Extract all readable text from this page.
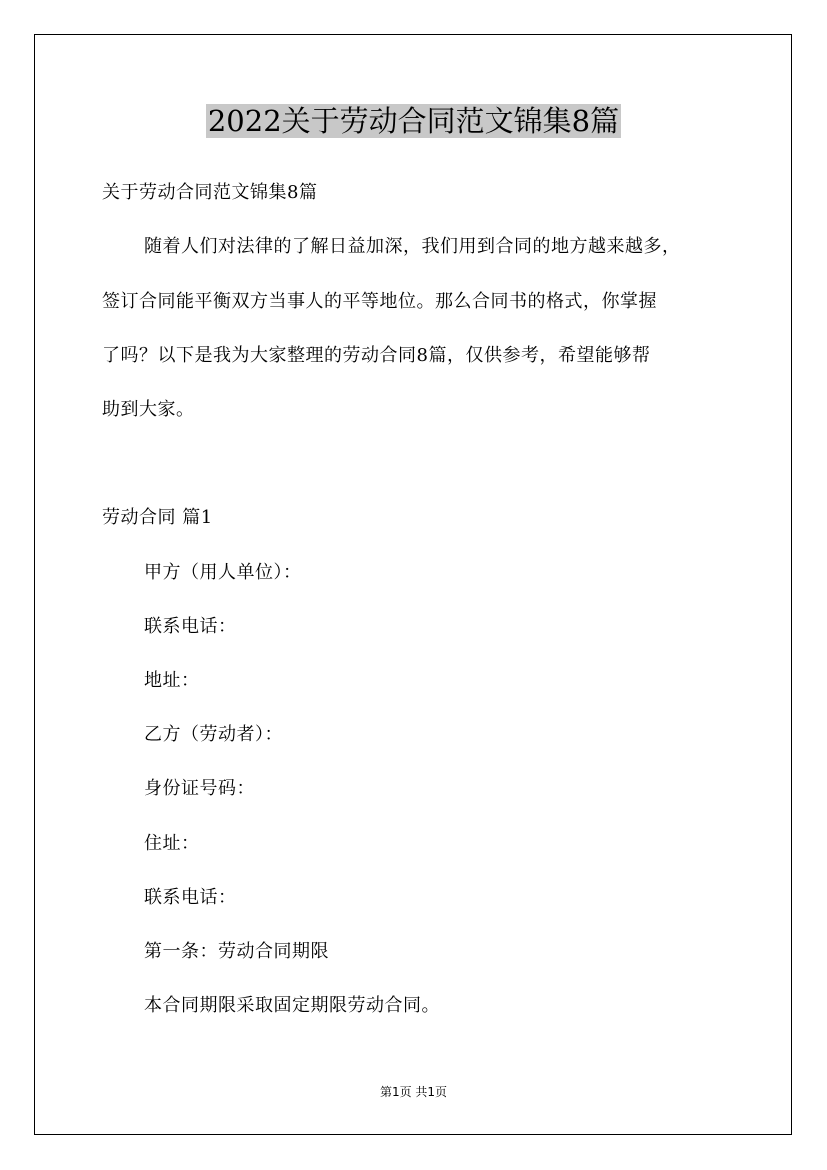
2022关于劳动合同范文锦集8篇
关于劳动合同范文锦集8篇
随着人们对法律的了解日益加深，我们用到合同的地方越来越多，
签订合同能平衡双方当事人的平等地位。那么合同书的格式，你掌握
了吗？以下是我为大家整理的劳动合同8篇，仅供参考，希望能够帮
助到大家。
劳动合同 篇1
甲方（用人单位）：
联系电话：
地址：
乙方（劳动者）：
身份证号码：
住址：
联系电话：
第一条：劳动合同期限
本合同期限采取固定期限劳动合同。
第1页 共1页
